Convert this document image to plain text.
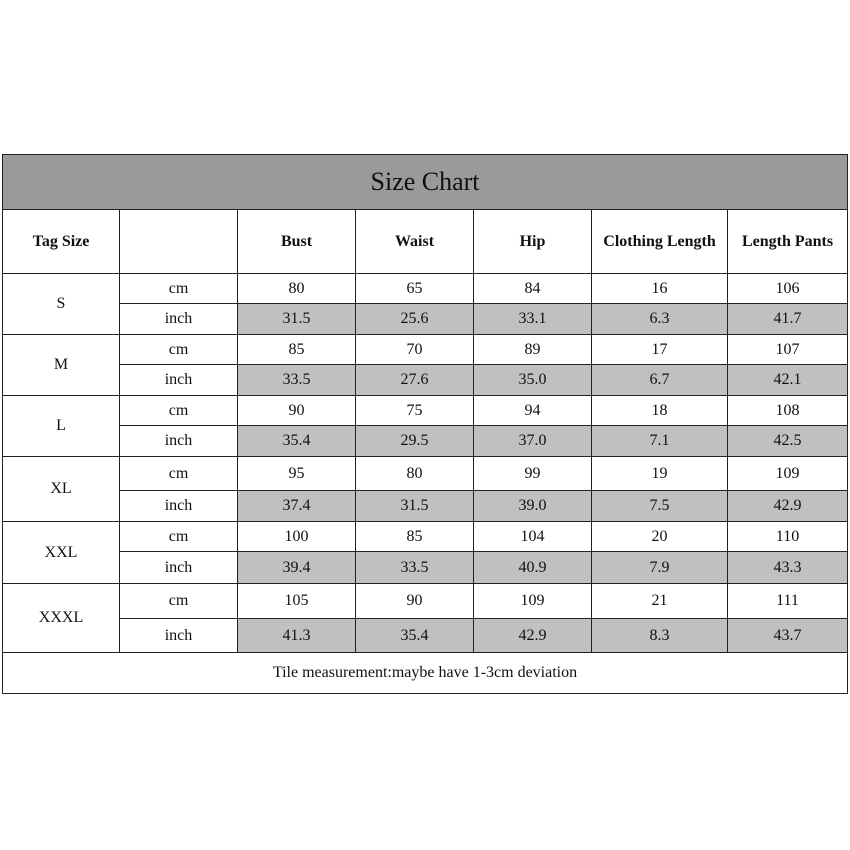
Size Chart						
Tag Size		Bust	Waist	Hip	Clothing Length	Length Pants
S	cm	80	65	84	16	106
	inch	31.5	25.6	33.1	6.3	41.7
M	cm	85	70	89	17	107
	inch	33.5	27.6	35.0	6.7	42.1
L	cm	90	75	94	18	108
	inch	35.4	29.5	37.0	7.1	42.5
XL	cm	95	80	99	19	109
	inch	37.4	31.5	39.0	7.5	42.9
XXL	cm	100	85	104	20	110
	inch	39.4	33.5	40.9	7.9	43.3
XXXL	cm	105	90	109	21	111
	inch	41.3	35.4	42.9	8.3	43.7
Tile measurement:maybe have 1-3cm deviation						
